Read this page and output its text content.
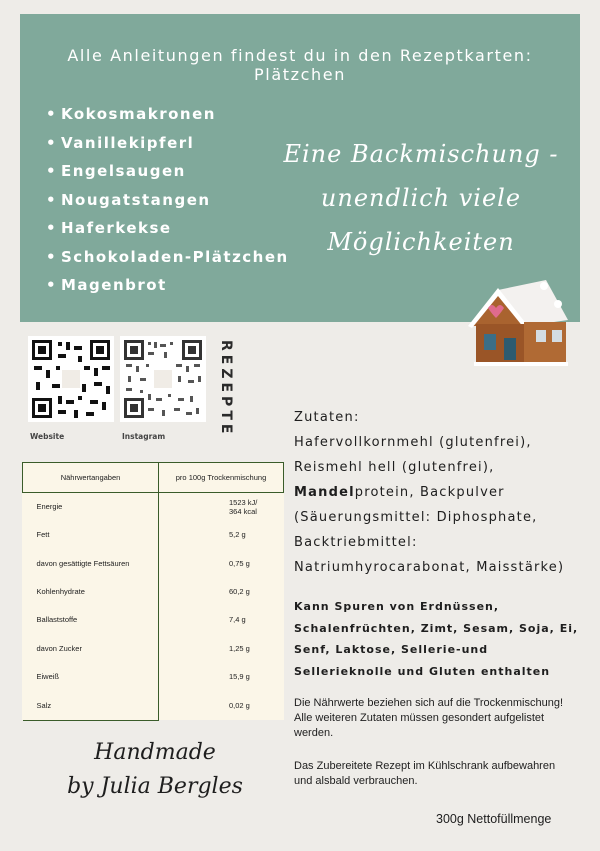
Alle Anleitungen findest du in den Rezeptkarten: Plätzchen
• Kokosmakronen
• Vanillekipferl
• Engelsaugen
• Nougatstangen
• Haferkekse
• Schokoladen-Plätzchen
• Magenbrot
Eine Backmischung -
unendlich viele
Möglichkeiten
Website	Instagram	REZEPTE
Nährwertangaben	pro 100g Trockenmischung
Energie	1523 kJ/
364 kcal

Fett	5,2 g
davon gesättigte Fettsäuren	0,75 g
Kohlenhydrate	60,2 g
Ballaststoffe	7,4 g
davon Zucker	1,25 g
Eiweiß	15,9 g
Salz	0,02 g
Zutaten:
Hafervollkornmehl (glutenfrei),
Reismehl hell (glutenfrei),
Mandelprotein, Backpulver
(Säuerungsmittel: Diphosphate,
Backtriebmittel:
Natriumhyrocarabonat, Maisstärke)
Kann Spuren von Erdnüssen,
Schalenfrüchten, Zimt, Sesam, Soja, Ei,
Senf, Laktose, Sellerie-und
Sellerieknolle und Gluten enthalten
Die Nährwerte beziehen sich auf die Trockenmischung!
Alle weiteren Zutaten müssen gesondert aufgelistet
werden.
Das Zubereitete Rezept im Kühlschrank aufbewahren
und alsbald verbrauchen.
300g Nettofüllmenge
Handmade
by Julia Bergles
